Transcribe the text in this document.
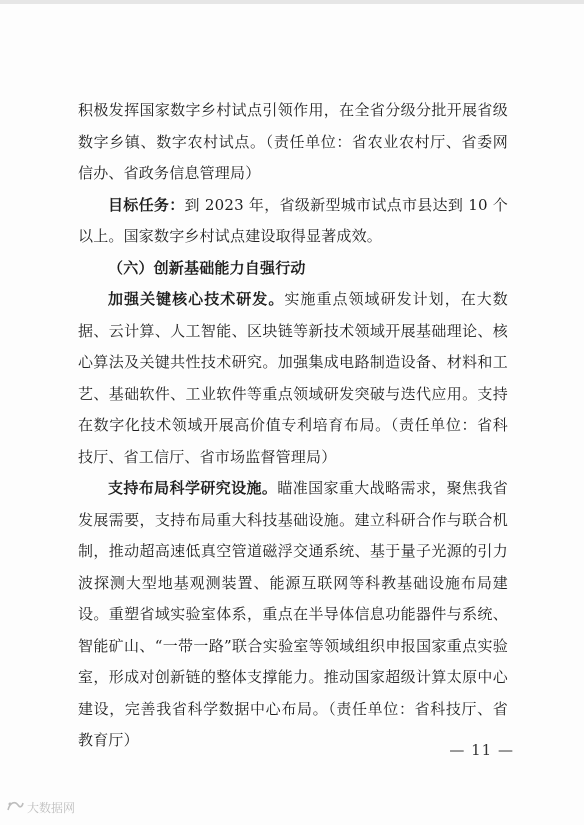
积极发挥国家数字乡村试点引领作用，在全省分级分批开展省级数字乡镇、数字农村试点。（责任单位：省农业农村厅、省委网信办、省政务信息管理局）

目标任务：到 2023 年，省级新型城市试点市县达到 10 个以上。国家数字乡村试点建设取得显著成效。

（六）创新基础能力自强行动

加强关键核心技术研发。实施重点领域研发计划，在大数据、云计算、人工智能、区块链等新技术领域开展基础理论、核心算法及关键共性技术研究。加强集成电路制造设备、材料和工艺、基础软件、工业软件等重点领域研发突破与迭代应用。支持在数字化技术领域开展高价值专利培育布局。（责任单位：省科技厅、省工信厅、省市场监督管理局）

支持布局科学研究设施。瞄准国家重大战略需求，聚焦我省发展需要，支持布局重大科技基础设施。建立科研合作与联合机制，推动超高速低真空管道磁浮交通系统、基于量子光源的引力波探测大型地基观测装置、能源互联网等科教基础设施布局建设。重塑省域实验室体系，重点在半导体信息功能器件与系统、智能矿山、“一带一路”联合实验室等领域组织申报国家重点实验室，形成对创新链的整体支撑能力。推动国家超级计算太原中心建设，完善我省科学数据中心布局。（责任单位：省科技厅、省教育厅）

— 11 —
大数据网
